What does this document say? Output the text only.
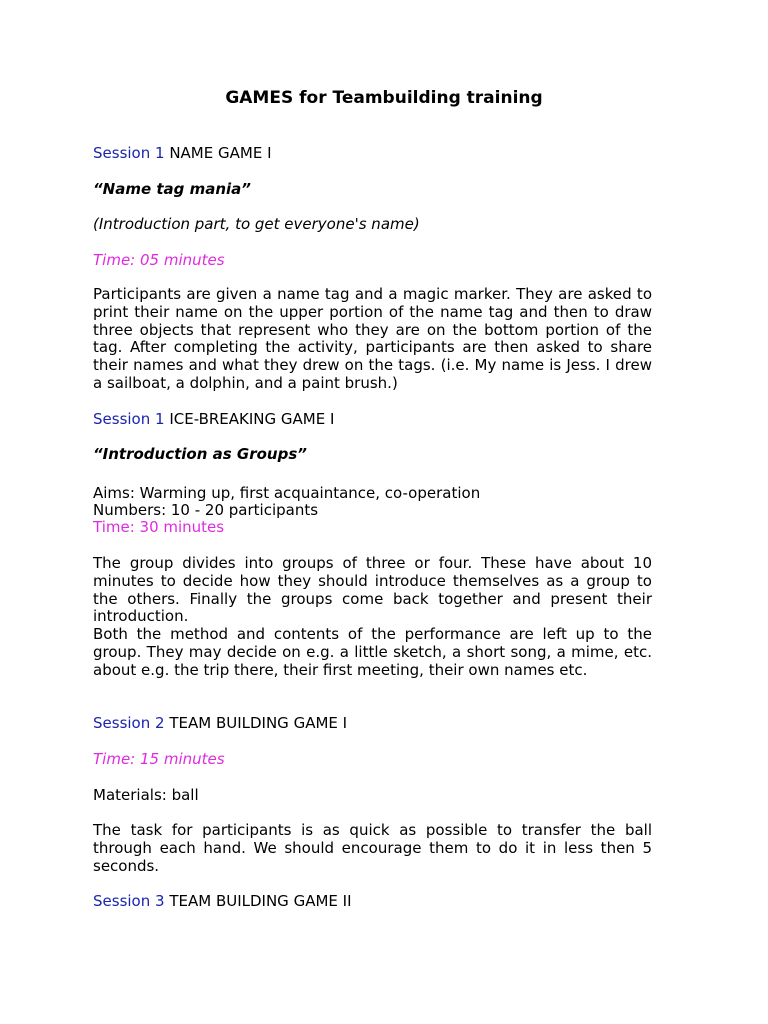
GAMES for Teambuilding training

Session 1 NAME GAME I

“Name tag mania”

(Introduction part, to get everyone's name)

Time: 05 minutes

Participants are given a name tag and a magic marker. They are asked to print their name on the upper portion of the name tag and then to draw three objects that represent who they are on the bottom portion of the tag. After completing the activity, participants are then asked to share their names and what they drew on the tags. (i.e. My name is Jess. I drew a sailboat, a dolphin, and a paint brush.)

Session 1 ICE-BREAKING GAME I

“Introduction as Groups”

Aims: Warming up, first acquaintance, co-operation

Numbers: 10 - 20 participants

Time: 30 minutes

The group divides into groups of three or four. These have about 10 minutes to decide how they should introduce themselves as a group to the others. Finally the groups come back together and present their introduction.

Both the method and contents of the performance are left up to the group. They may decide on e.g. a little sketch, a short song, a mime, etc. about e.g. the trip there, their first meeting, their own names etc.

Session 2 TEAM BUILDING GAME I

Time: 15 minutes

Materials: ball

The task for participants is as quick as possible to transfer the ball through each hand. We should encourage them to do it in less then 5 seconds.

Session 3 TEAM BUILDING GAME II
